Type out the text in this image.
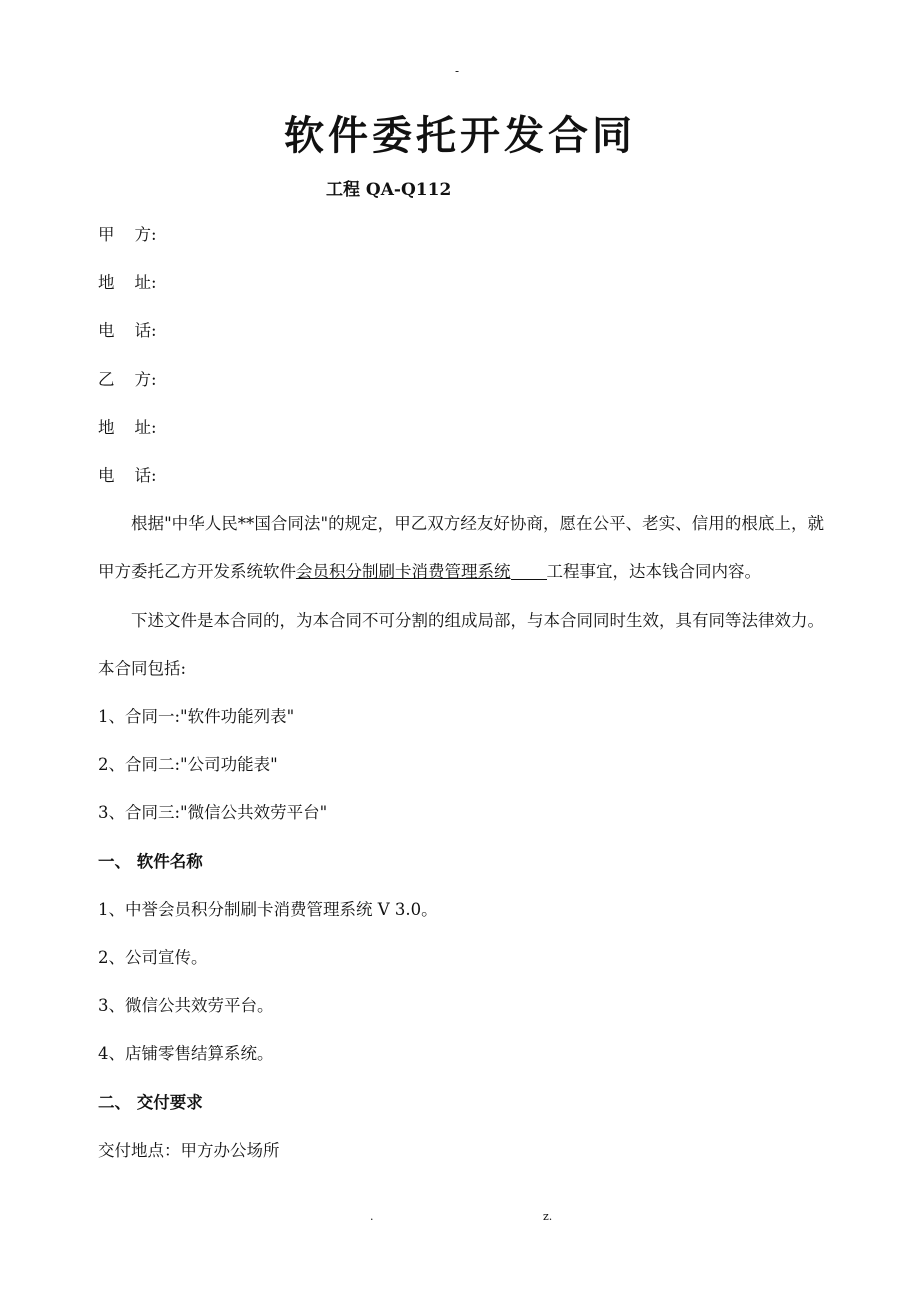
-
软件委托开发合同
工程 QA-Q112

甲 方:

地 址:

电 话:

乙 方:

地 址:

电 话:

根据"中华人民**国合同法"的规定，甲乙双方经友好协商，愿在公平、老实、信用的根底上，就甲方委托乙方开发系统软件会员积分制刷卡消费管理系统 工程事宜，达本钱合同内容。

下述文件是本合同的，为本合同不可分割的组成局部，与本合同同时生效，具有同等法律效力。本合同包括:

1、合同一:"软件功能列表"

2、合同二:"公司功能表"

3、合同三:"微信公共效劳平台"

一、 软件名称

1、中誉会员积分制刷卡消费管理系统 V 3.0。

2、公司宣传。

3、微信公共效劳平台。

4、店铺零售结算系统。

二、 交付要求

交付地点：甲方办公场所

.	z.
